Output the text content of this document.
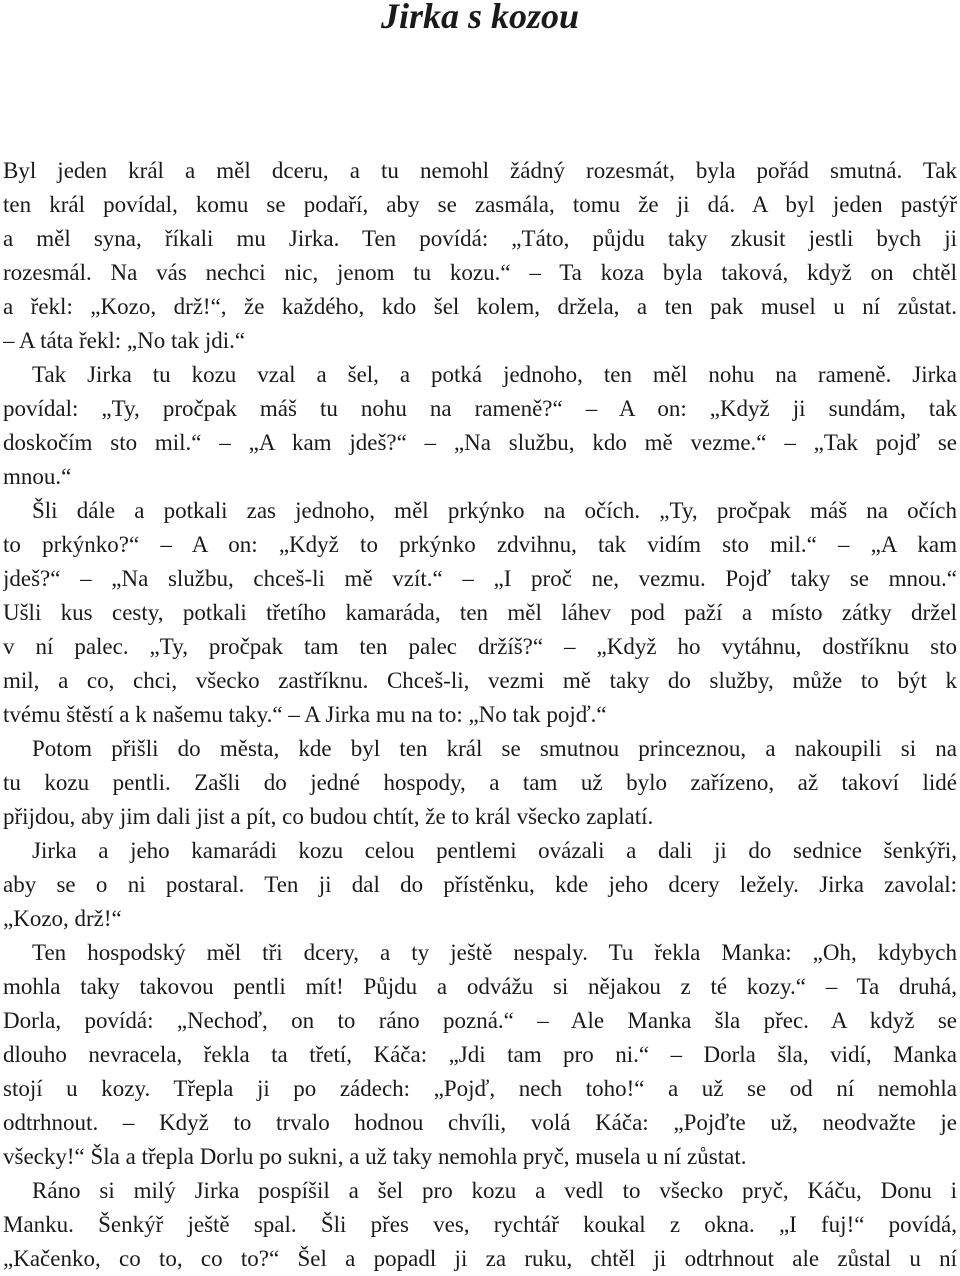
Jirka s kozou
Byl jeden král a měl dceru, a tu nemohl žádný rozesmát, byla pořád smutná. Tak
ten král povídal, komu se podaří, aby se zasmála, tomu že ji dá. A byl jeden pastýř
a měl syna, říkali mu Jirka. Ten povídá: „Táto, půjdu taky zkusit jestli bych ji
rozesmál. Na vás nechci nic, jenom tu kozu.“ – Ta koza byla taková, když on chtěl
a řekl: „Kozo, drž!“, že každého, kdo šel kolem, držela, a ten pak musel u ní zůstat.
– A táta řekl: „No tak jdi.“
Tak Jirka tu kozu vzal a šel, a potká jednoho, ten měl nohu na rameně. Jirka
povídal: „Ty, pročpak máš tu nohu na rameně?“ – A on: „Když ji sundám, tak
doskočím sto mil.“ – „A kam jdeš?“ – „Na službu, kdo mě vezme.“ – „Tak pojď se
mnou.“
Šli dále a potkali zas jednoho, měl prkýnko na očích. „Ty, pročpak máš na očích
to prkýnko?“ – A on: „Když to prkýnko zdvihnu, tak vidím sto mil.“ – „A kam
jdeš?“ – „Na službu, chceš-li mě vzít.“ – „I proč ne, vezmu. Pojď taky se mnou.“
Ušli kus cesty, potkali třetího kamaráda, ten měl láhev pod paží a místo zátky držel
v ní palec. „Ty, pročpak tam ten palec držíš?“ – „Když ho vytáhnu, dostříknu sto
mil, a co, chci, všecko zastříknu. Chceš-li, vezmi mě taky do služby, může to být k
tvému štěstí a k našemu taky.“ – A Jirka mu na to: „No tak pojď.“
Potom přišli do města, kde byl ten král se smutnou princeznou, a nakoupili si na
tu kozu pentli. Zašli do jedné hospody, a tam už bylo zařízeno, až takoví lidé
přijdou, aby jim dali jist a pít, co budou chtít, že to král všecko zaplatí.
Jirka a jeho kamarádi kozu celou pentlemi ovázali a dali ji do sednice šenkýři,
aby se o ni postaral. Ten ji dal do přístěnku, kde jeho dcery ležely. Jirka zavolal:
„Kozo, drž!“
Ten hospodský měl tři dcery, a ty ještě nespaly. Tu řekla Manka: „Oh, kdybych
mohla taky takovou pentli mít! Půjdu a odvážu si nějakou z té kozy.“ – Ta druhá,
Dorla, povídá: „Nechoď, on to ráno pozná.“ – Ale Manka šla přec. A když se
dlouho nevracela, řekla ta třetí, Káča: „Jdi tam pro ni.“ – Dorla šla, vidí, Manka
stojí u kozy. Třepla ji po zádech: „Pojď, nech toho!“ a už se od ní nemohla
odtrhnout. – Když to trvalo hodnou chvíli, volá Káča: „Pojďte už, neodvažte je
všecky!“ Šla a třepla Dorlu po sukni, a už taky nemohla pryč, musela u ní zůstat.
Ráno si milý Jirka pospíšil a šel pro kozu a vedl to všecko pryč, Káču, Donu i
Manku. Šenkýř ještě spal. Šli přes ves, rychtář koukal z okna. „I fuj!“ povídá,
„Kačenko, co to, co to?“ Šel a popadl ji za ruku, chtěl ji odtrhnout ale zůstal u ní
